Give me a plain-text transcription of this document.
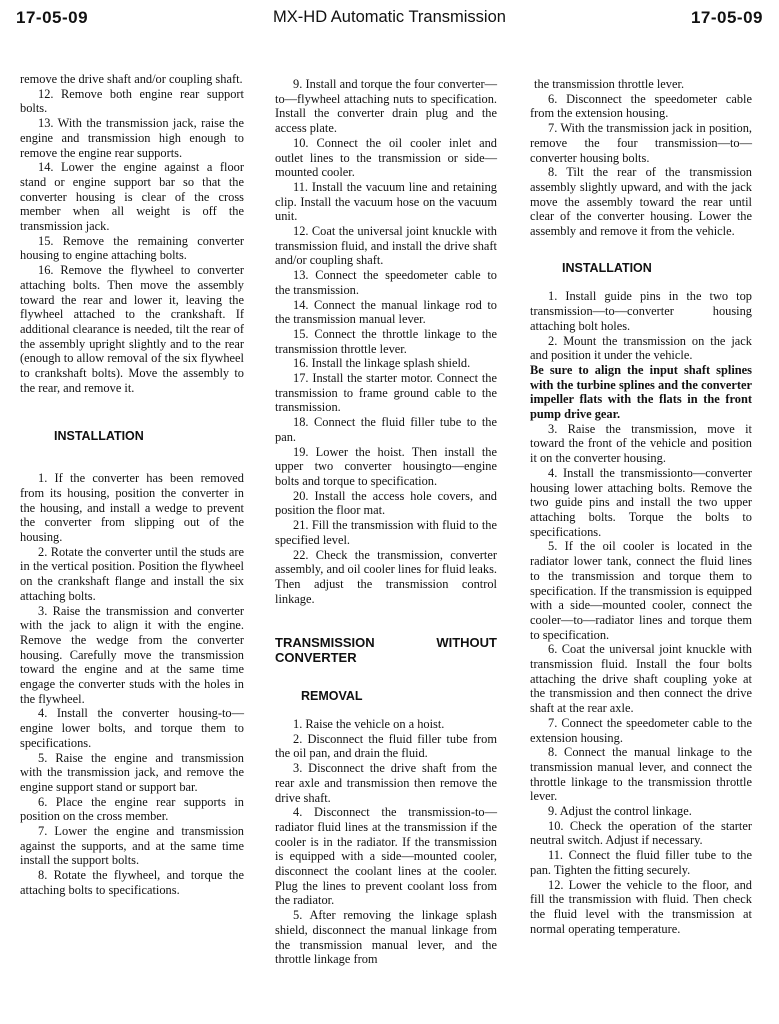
17-05-09	MX-HD Automatic Transmission	17-05-09

remove the drive shaft and/or coupling shaft.

12. Remove both engine rear support bolts.

13. With the transmission jack, raise the engine and transmission high enough to remove the engine rear supports.

14. Lower the engine against a floor stand or engine support bar so that the converter housing is clear of the cross member when all weight is off the transmission jack.

15. Remove the remaining converter housing to engine attaching bolts.

16. Remove the flywheel to converter attaching bolts. Then move the assembly toward the rear and lower it, leaving the flywheel attached to the crankshaft. If additional clearance is needed, tilt the rear of the assembly upright slightly and to the rear (enough to allow removal of the six flywheel to crankshaft bolts). Move the assembly to the rear, and remove it.

INSTALLATION

1. If the converter has been removed from its housing, position the converter in the housing, and install a wedge to prevent the converter from slipping out of the housing.

2. Rotate the converter until the studs are in the vertical position. Position the flywheel on the crankshaft flange and install the six attaching bolts.

3. Raise the transmission and converter with the jack to align it with the engine. Remove the wedge from the converter housing. Carefully move the transmission toward the engine and at the same time engage the converter studs with the holes in the flywheel.

4. Install the converter housing-to—engine lower bolts, and torque them to specifications.

5. Raise the engine and transmission with the transmission jack, and remove the engine support stand or support bar.

6. Place the engine rear supports in position on the cross member.

7. Lower the engine and transmission against the supports, and at the same time install the support bolts.

8. Rotate the flywheel, and torque the attaching bolts to specifications.

9. Install and torque the four converter—to—flywheel attaching nuts to specification. Install the converter drain plug and the access plate.

10. Connect the oil cooler inlet and outlet lines to the transmission or side—mounted cooler.

11. Install the vacuum line and retaining clip. Install the vacuum hose on the vacuum unit.

12. Coat the universal joint knuckle with transmission fluid, and install the drive shaft and/or coupling shaft.

13. Connect the speedometer cable to the transmission.

14. Connect the manual linkage rod to the transmission manual lever.

15. Connect the throttle linkage to the transmission throttle lever.

16. Install the linkage splash shield.

17. Install the starter motor. Connect the transmission to frame ground cable to the transmission.

18. Connect the fluid filler tube to the pan.

19. Lower the hoist. Then install the upper two converter housingto—engine bolts and torque to specification.

20. Install the access hole covers, and position the floor mat.

21. Fill the transmission with fluid to the specified level.

22. Check the transmission, converter assembly, and oil cooler lines for fluid leaks. Then adjust the transmission control linkage.

TRANSMISSION WITHOUT CONVERTER

REMOVAL

1. Raise the vehicle on a hoist.

2. Disconnect the fluid filler tube from the oil pan, and drain the fluid.

3. Disconnect the drive shaft from the rear axle and transmission then remove the drive shaft.

4. Disconnect the transmission-to—radiator fluid lines at the transmission if the cooler is in the radiator. If the transmission is equipped with a side—mounted cooler, disconnect the coolant lines at the cooler. Plug the lines to prevent coolant loss from the radiator.

5. After removing the linkage splash shield, disconnect the manual linkage from the transmission manual lever, and the throttle linkage from

the transmission throttle lever.

6. Disconnect the speedometer cable from the extension housing.

7. With the transmission jack in position, remove the four transmission—to—converter housing bolts.

8. Tilt the rear of the transmission assembly slightly upward, and with the jack move the assembly toward the rear until clear of the converter housing. Lower the assembly and remove it from the vehicle.

INSTALLATION

1. Install guide pins in the two top transmission—to—converter housing attaching bolt holes.

2. Mount the transmission on the jack and position it under the vehicle.

Be sure to align the input shaft splines with the turbine splines and the converter impeller flats with the flats in the front pump drive gear.

3. Raise the transmission, move it toward the front of the vehicle and position it on the converter housing.

4. Install the transmissionto—converter housing lower attaching bolts. Remove the two guide pins and install the two upper attaching bolts. Torque the bolts to specifications.

5. If the oil cooler is located in the radiator lower tank, connect the fluid lines to the transmission and torque them to specification. If the transmission is equipped with a side—mounted cooler, connect the cooler—to—radiator lines and torque them to specification.

6. Coat the universal joint knuckle with transmission fluid. Install the four bolts attaching the drive shaft coupling yoke at the transmission and then connect the drive shaft at the rear axle.

7. Connect the speedometer cable to the extension housing.

8. Connect the manual linkage to the transmission manual lever, and connect the throttle linkage to the transmission throttle lever.

9. Adjust the control linkage.

10. Check the operation of the starter neutral switch. Adjust if necessary.

11. Connect the fluid filler tube to the pan. Tighten the fitting securely.

12. Lower the vehicle to the floor, and fill the transmission with fluid. Then check the fluid level with the transmission at normal operating temperature.
